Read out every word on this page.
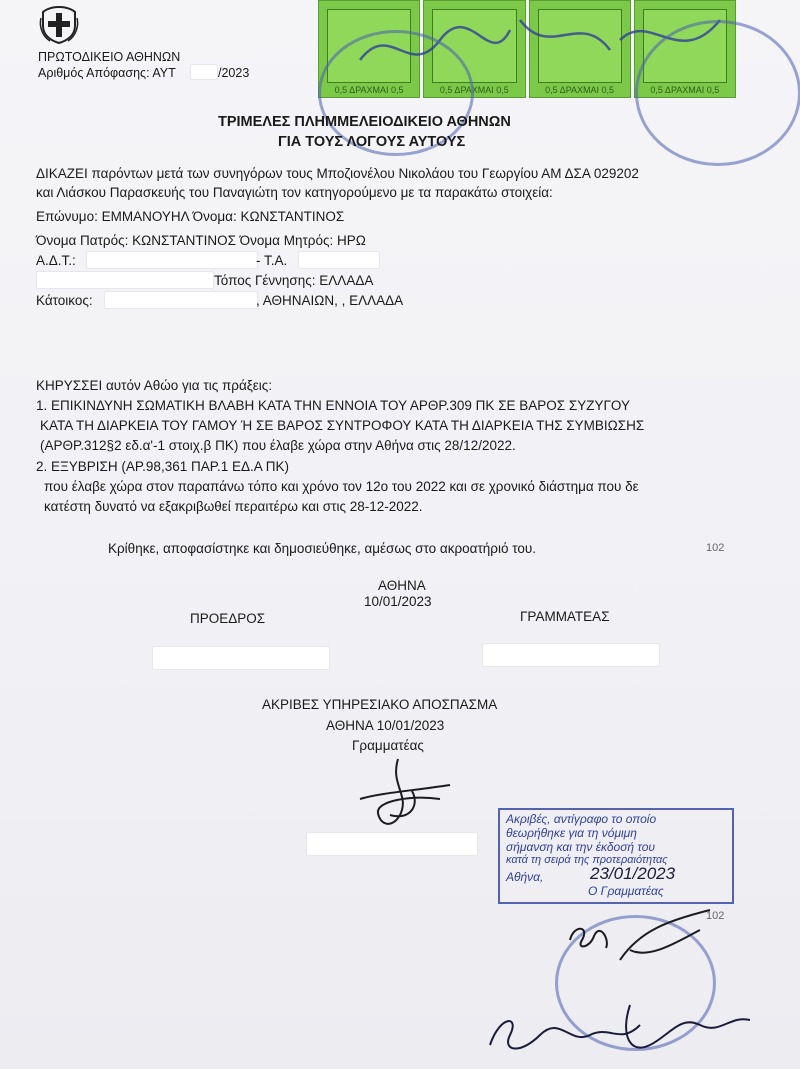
0,5 ΔΡΑΧΜΑΙ 0,5	0,5 ΔΡΑΧΜΑΙ 0,5	0,5 ΔΡΑΧΜΑΙ 0,5	0,5 ΔΡΑΧΜΑΙ 0,5
ΠΡΩΤΟΔΙΚΕΙΟ ΑΘΗΝΩΝ
Αριθμός Απόφασης: ΑΥΤ	/2023
ΤΡΙΜΕΛΕΣ ΠΛΗΜΜΕΛΕΙΟΔΙΚΕΙΟ ΑΘΗΝΩΝ
ΓΙΑ ΤΟΥΣ ΛΟΓΟΥΣ ΑΥΤΟΥΣ
ΔΙΚΑΖΕΙ παρόντων μετά των συνηγόρων τους Μποζιονέλου Νικολάου του Γεωργίου ΑΜ ΔΣΑ 029202
και Λιάσκου Παρασκευής του Παναγιώτη τον κατηγορούμενο με τα παρακάτω στοιχεία:
Επώνυμο: ΕΜΜΑΝΟΥΗΛ Όνομα: ΚΩΝΣΤΑΝΤΙΝΟΣ
Όνομα Πατρός: ΚΩΝΣΤΑΝΤΙΝΟΣ Όνομα Μητρός: ΗΡΩ
Α.Δ.Τ.:	- Τ.Α.
Τόπος Γέννησης: ΕΛΛΑΔΑ
Κάτοικος:	, ΑΘΗΝΑΙΩΝ, , ΕΛΛΑΔΑ
ΚΗΡΥΣΣΕΙ αυτόν Αθώο για τις πράξεις:
1. ΕΠΙΚΙΝΔΥΝΗ ΣΩΜΑΤΙΚΗ ΒΛΑΒΗ ΚΑΤΑ ΤΗΝ ΕΝΝΟΙΑ ΤΟΥ ΑΡΘΡ.309 ΠΚ ΣΕ ΒΑΡΟΣ ΣΥΖΥΓΟΥ
ΚΑΤΑ ΤΗ ΔΙΑΡΚΕΙΑ ΤΟΥ ΓΑΜΟΥ Ή ΣΕ ΒΑΡΟΣ ΣΥΝΤΡΟΦΟΥ ΚΑΤΑ ΤΗ ΔΙΑΡΚΕΙΑ ΤΗΣ ΣΥΜΒΙΩΣΗΣ
(ΑΡΘΡ.312§2 εδ.α'-1 στοιχ.β ΠΚ) που έλαβε χώρα στην Αθήνα στις 28/12/2022.
2. ΕΞΥΒΡΙΣΗ (ΑΡ.98,361 ΠΑΡ.1 ΕΔ.Α ΠΚ)
που έλαβε χώρα στον παραπάνω τόπο και χρόνο τον 12ο του 2022 και σε χρονικό διάστημα που δε
κατέστη δυνατό να εξακριβωθεί περαιτέρω και στις 28-12-2022.
Κρίθηκε, αποφασίστηκε και δημοσιεύθηκε, αμέσως στο ακροατήριό του.	102
ΑΘΗΝΑ
10/01/2023
ΠΡΟΕΔΡΟΣ	ΓΡΑΜΜΑΤΕΑΣ
ΑΚΡΙΒΕΣ ΥΠΗΡΕΣΙΑΚΟ ΑΠΟΣΠΑΣΜΑ
ΑΘΗΝΑ 10/01/2023
Γραμματέας
Ακριβές, αντίγραφο το οποίο
θεωρήθηκε για τη νόμιμη
σήμανση και την έκδοσή του
κατά τη σειρά της προτεραιότητας
Αθήνα,	23/01/2023
Ο Γραμματέας
102
